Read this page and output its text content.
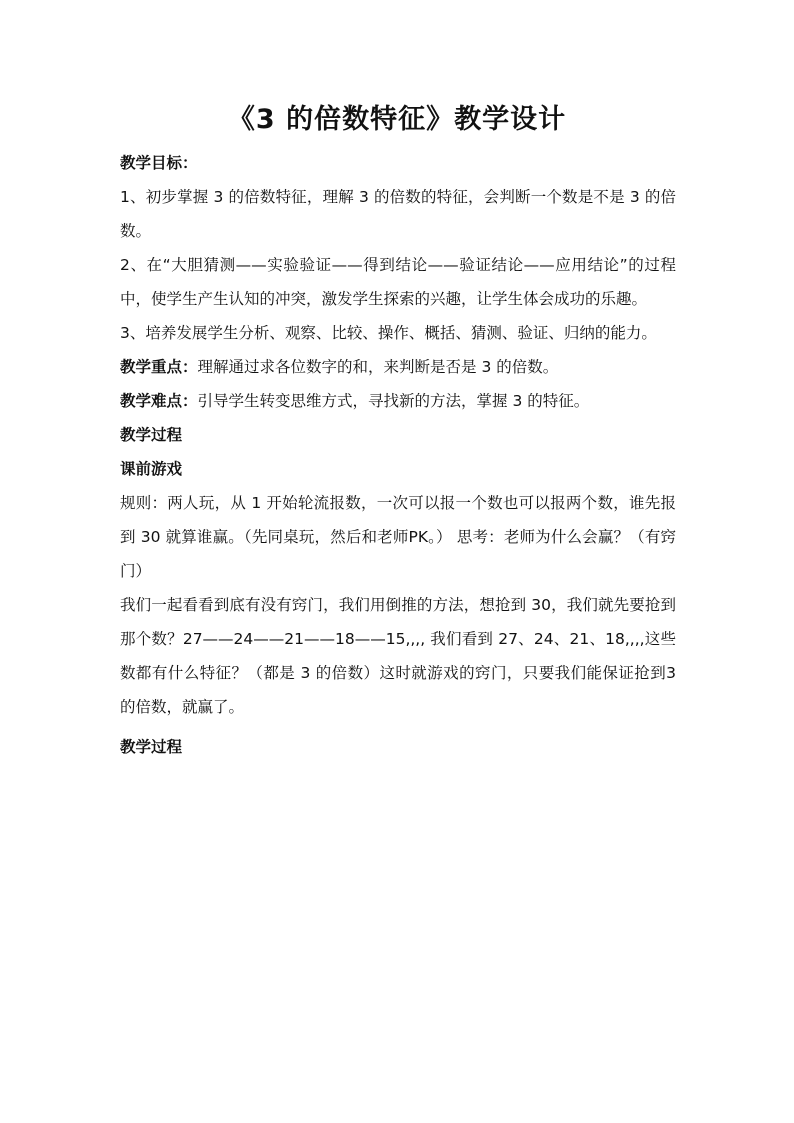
《3 的倍数特征》教学设计

教学目标：

1、初步掌握 3 的倍数特征，理解 3 的倍数的特征，会判断一个数是不是 3 的倍数。

2、在“大胆猜测——实验验证——得到结论——验证结论——应用结论”的过程中，使学生产生认知的冲突，激发学生探索的兴趣，让学生体会成功的乐趣。

3、培养发展学生分析、观察、比较、操作、概括、猜测、验证、归纳的能力。

教学重点：理解通过求各位数字的和，来判断是否是 3 的倍数。

教学难点：引导学生转变思维方式，寻找新的方法，掌握 3 的特征。

教学过程

课前游戏

规则：两人玩，从 1 开始轮流报数，一次可以报一个数也可以报两个数，谁先报到 30 就算谁赢。（先同桌玩，然后和老师PK。） 思考：老师为什么会赢？（有窍门）

我们一起看看到底有没有窍门，我们用倒推的方法，想抢到 30，我们就先要抢到那个数？27——24——21——18——15,,,, 我们看到 27、24、21、18,,,,这些数都有什么特征？（都是 3 的倍数）这时就游戏的窍门，只要我们能保证抢到3 的倍数，就赢了。

教学过程
